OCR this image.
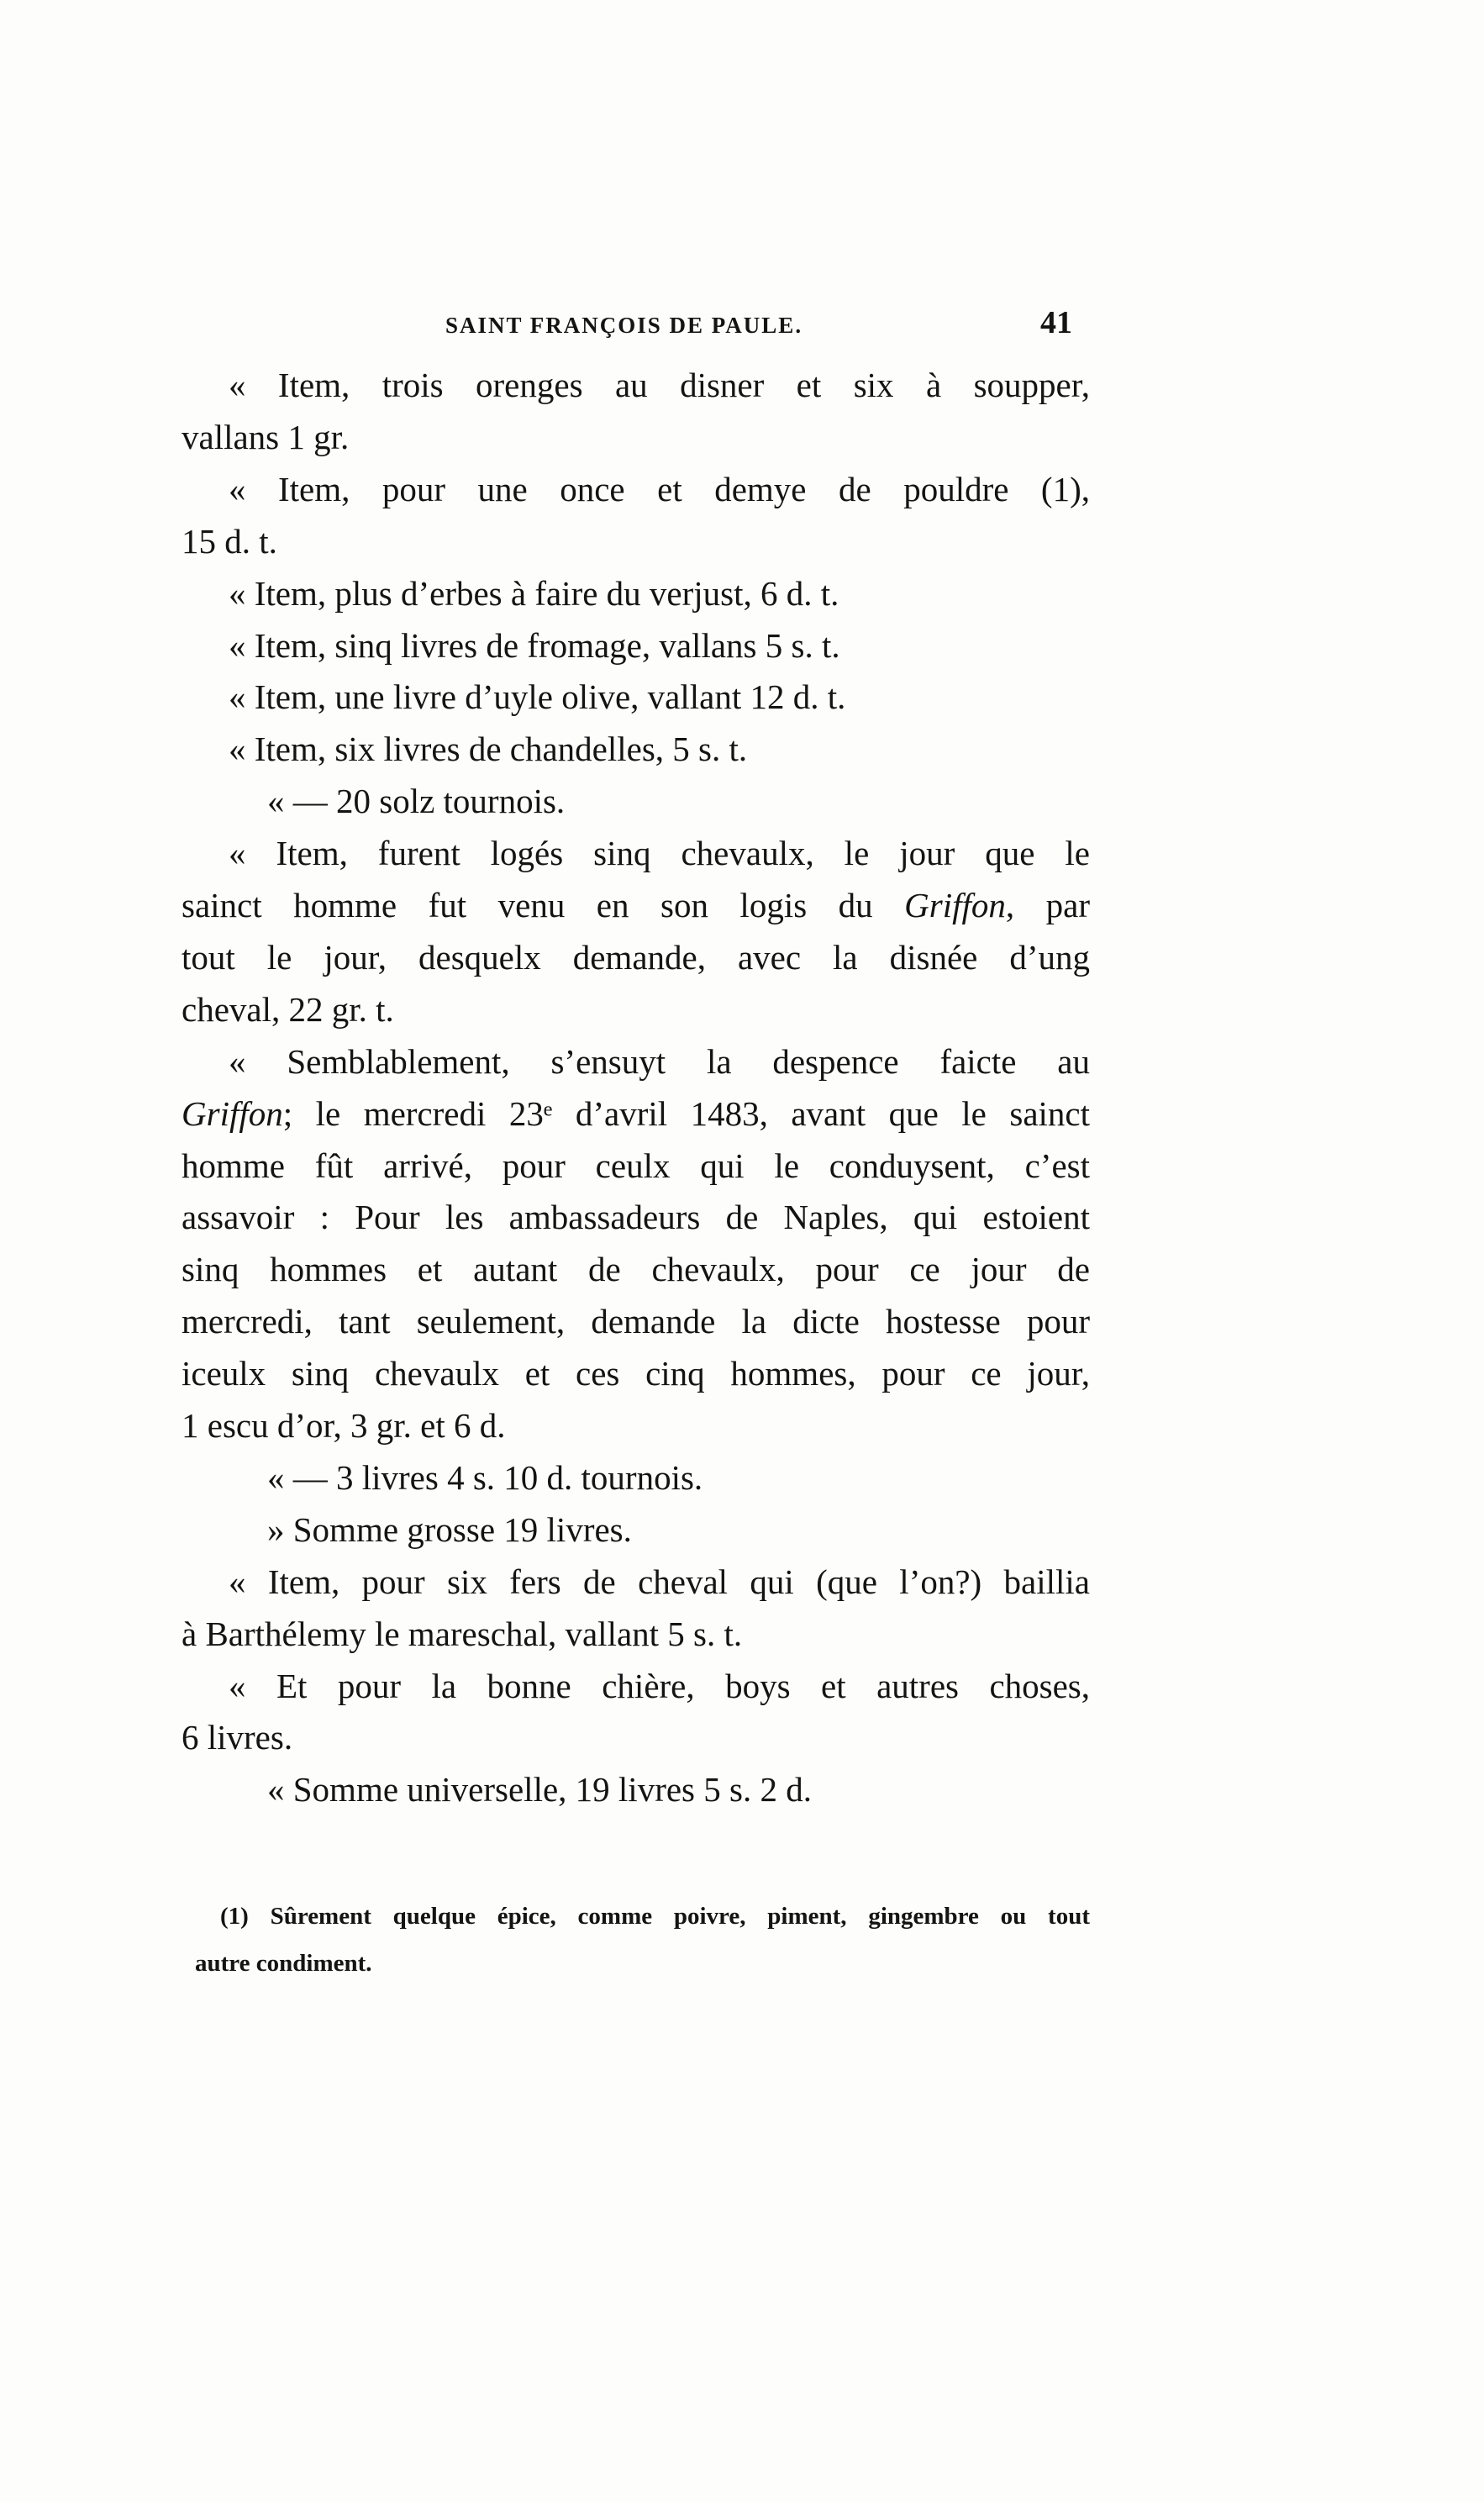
SAINT FRANÇOIS DE PAULE.	41
« Item, trois orenges au disner et six à soupper,
vallans 1 gr.
« Item, pour une once et demye de pouldre (1),
15 d. t.
« Item, plus d’erbes à faire du verjust, 6 d. t.
« Item, sinq livres de fromage, vallans 5 s. t.
« Item, une livre d’uyle olive, vallant 12 d. t.
« Item, six livres de chandelles, 5 s. t.
« — 20 solz tournois.
« Item, furent logés sinq chevaulx, le jour que le
sainct homme fut venu en son logis du Griffon, par
tout le jour, desquelx demande, avec la disnée d’ung
cheval, 22 gr. t.
« Semblablement, s’ensuyt la despence faicte au
Griffon; le mercredi 23ᵉ d’avril 1483, avant que le sainct
homme fût arrivé, pour ceulx qui le conduysent, c’est
assavoir : Pour les ambassadeurs de Naples, qui estoient
sinq hommes et autant de chevaulx, pour ce jour de
mercredi, tant seulement, demande la dicte hostesse pour
iceulx sinq chevaulx et ces cinq hommes, pour ce jour,
1 escu d’or, 3 gr. et 6 d.
« — 3 livres 4 s. 10 d. tournois.
» Somme grosse 19 livres.
« Item, pour six fers de cheval qui (que l’on?) baillia
à Barthélemy le mareschal, vallant 5 s. t.
« Et pour la bonne chière, boys et autres choses,
6 livres.
« Somme universelle, 19 livres 5 s. 2 d.
(1) Sûrement quelque épice, comme poivre, piment, gingembre ou tout
autre condiment.
